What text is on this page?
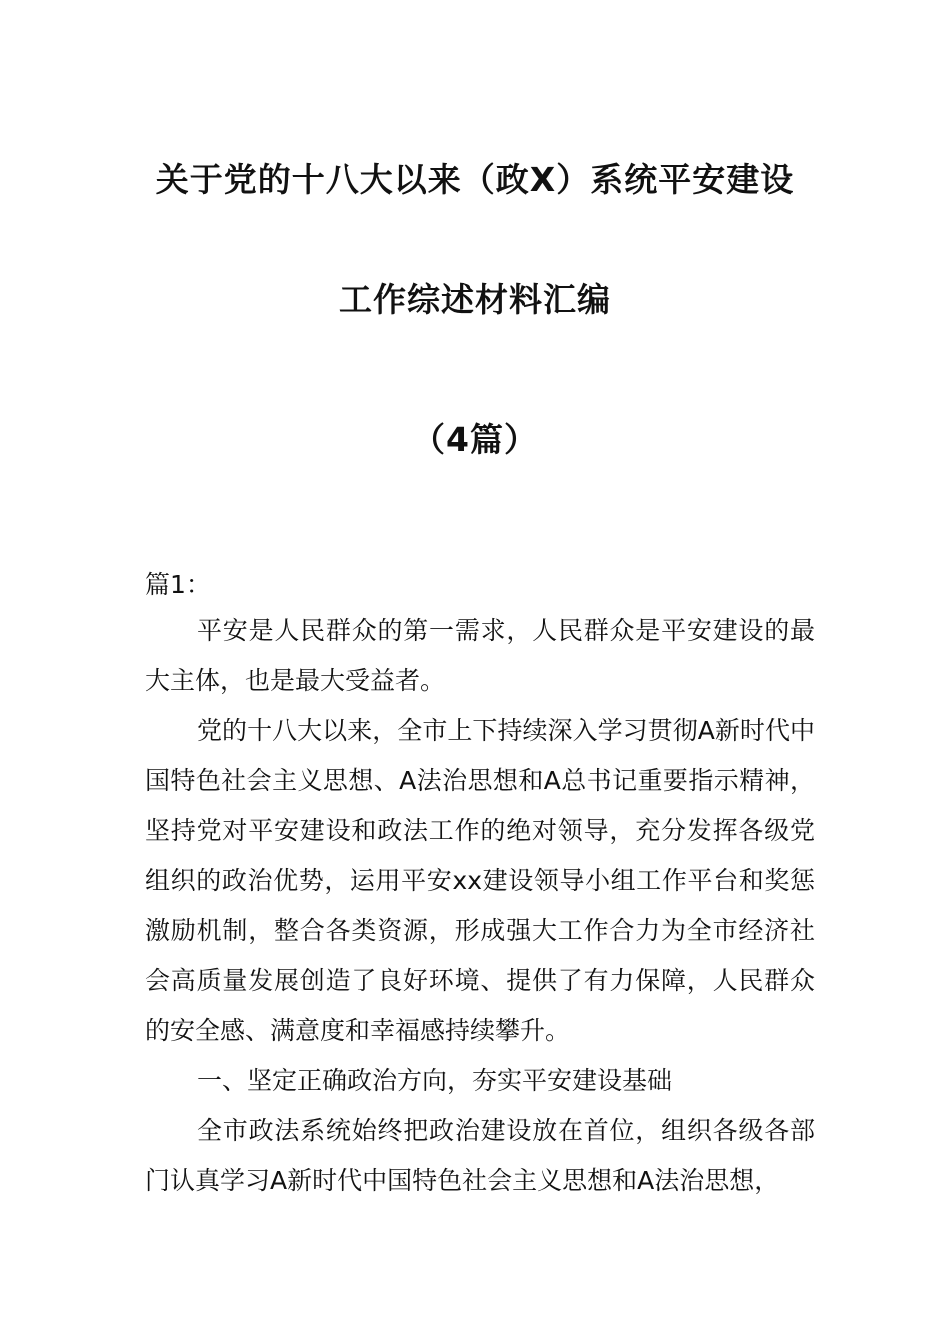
关于党的十八大以来（政X）系统平安建设
工作综述材料汇编
（4篇）
篇1：

平安是人民群众的第一需求，人民群众是平安建设的最大主体，也是最大受益者。

党的十八大以来，全市上下持续深入学习贯彻A新时代中国特色社会主义思想、A法治思想和A总书记重要指示精神，坚持党对平安建设和政法工作的绝对领导，充分发挥各级党组织的政治优势，运用平安xx建设领导小组工作平台和奖惩激励机制，整合各类资源，形成强大工作合力为全市经济社会高质量发展创造了良好环境、提供了有力保障，人民群众的安全感、满意度和幸福感持续攀升。

一、坚定正确政治方向，夯实平安建设基础

全市政法系统始终把政治建设放在首位，组织各级各部门认真学习A新时代中国特色社会主义思想和A法治思想，
